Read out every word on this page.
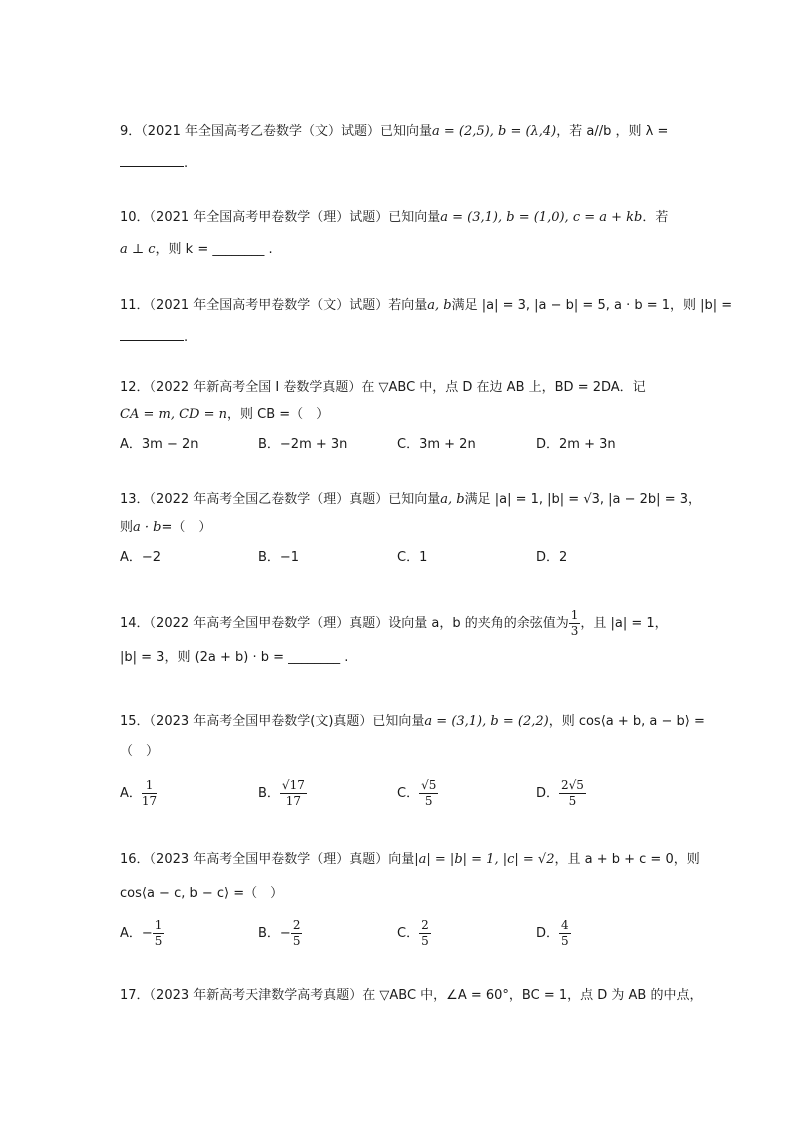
9．（2021 年全国高考乙卷数学（文）试题）已知向量a = (2,5), b = (λ,4)，若 a//b ，则 λ =
.
10．（2021 年全国高考甲卷数学（理）试题）已知向量a = (3,1), b = (1,0), c = a + kb．若
a ⊥ c，则 k = ________ .
11．（2021 年全国高考甲卷数学（文）试题）若向量a, b满足 |a| = 3, |a − b| = 5, a · b = 1，则 |b| =
.
12．（2022 年新高考全国 I 卷数学真题）在 ▽ABC 中，点 D 在边 AB 上，BD = 2DA．记
CA = m, CD = n，则 CB =（　）
A．3m − 2n	B．−2m + 3n	C．3m + 2n	D．2m + 3n
13．（2022 年高考全国乙卷数学（理）真题）已知向量a, b满足 |a| = 1, |b| = √3, |a − 2b| = 3，
则a · b=（　）
A．−2	B．−1	C．1	D．2
14．（2022 年高考全国甲卷数学（理）真题）设向量 a，b 的夹角的余弦值为 $\frac{1}{3}$ ，且 |a| = 1，
|b| = 3，则 (2a + b) · b = ________ .
15．（2023 年高考全国甲卷数学(文)真题）已知向量a = (3,1), b = (2,2)，则 cos⟨a + b, a − b⟩ =
（　）
A． $\frac{1}{17}$	B． $\frac{√17}{17}$	C． $\frac{√5}{5}$	D． $\frac{2√5}{5}$
16．（2023 年高考全国甲卷数学（理）真题）向量|a| = |b| = 1, |c| = √2，且 a + b + c = 0，则
cos⟨a − c, b − c⟩ =（　）
A．− $\frac{1}{5}$	B．− $\frac{2}{5}$	C． $\frac{2}{5}$	D． $\frac{4}{5}$
17．（2023 年新高考天津数学高考真题）在 ▽ABC 中，∠A = 60°，BC = 1，点 D 为 AB 的中点，
